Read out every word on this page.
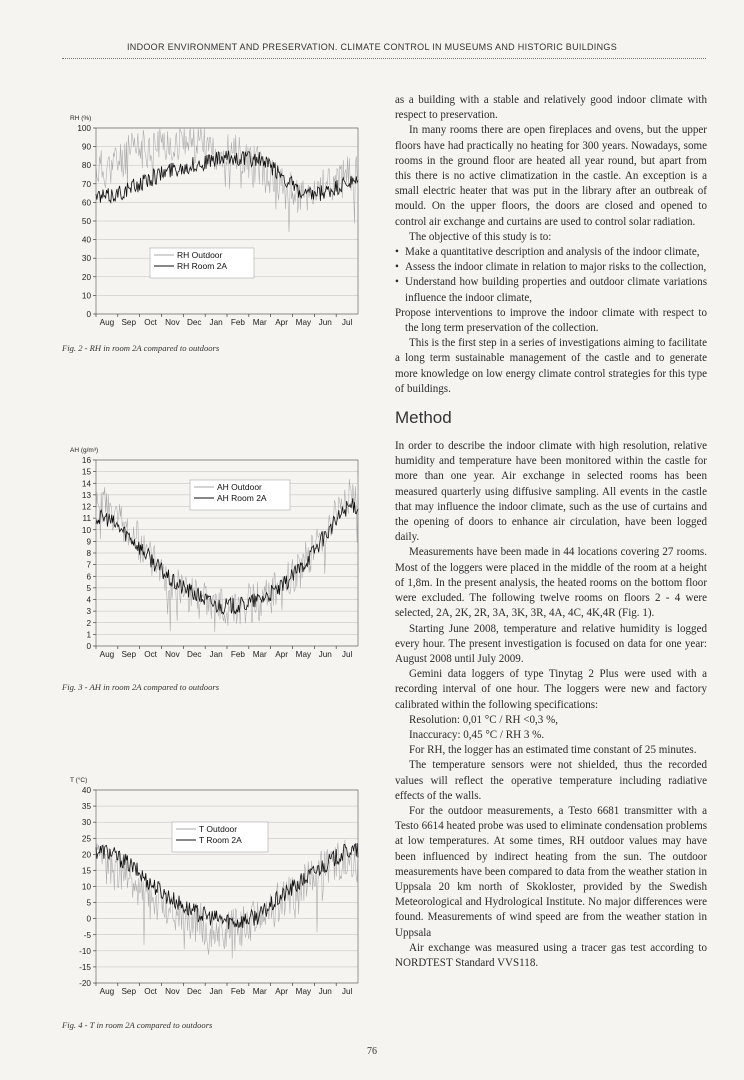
INDOOR ENVIRONMENT AND PRESERVATION. CLIMATE CONTROL IN MUSEUMS AND HISTORIC BUILDINGS
RH (%)
0
10
20
30
40
50
60
70
80
90
100
Aug Sep Oct Nov Dec Jan Feb Mar Apr May Jun Jul
RH Outdoor
RH Room 2A
Fig. 2 - RH in room 2A compared to outdoors
AH (g/m³)
0
1
2
3
4
5
6
7
8
9
10
11
12
13
14
15
16
Aug Sep Oct Nov Dec Jan Feb Mar Apr May Jun Jul
AH Outdoor
AH Room 2A
Fig. 3 - AH in room 2A compared to outdoors
T (°C)
-20
-15
-10
-5
0
5
10
15
20
25
30
35
40
Aug Sep Oct Nov Dec Jan Feb Mar Apr May Jun Jul
T Outdoor
T Room 2A
Fig. 4 - T in room 2A compared to outdoors

as a building with a stable and relatively good indoor climate with respect to preservation.

In many rooms there are open fireplaces and ovens, but the upper floors have had practically no heating for 300 years. Nowadays, some rooms in the ground floor are heated all year round, but apart from this there is no active climatization in the castle. An exception is a small electric heater that was put in the library after an outbreak of mould. On the upper floors, the doors are closed and opened to control air exchange and curtains are used to control solar radiation.

The objective of this study is to:

• Make a quantitative description and analysis of the indoor climate,
• Assess the indoor climate in relation to major risks to the collection,
• Understand how building properties and outdoor climate variations influence the indoor climate,

Propose interventions to improve the indoor climate with respect to the long term preservation of the collection.

This is the first step in a series of investigations aiming to facilitate a long term sustainable management of the castle and to generate more knowledge on low energy climate control strategies for this type of buildings.

Method

In order to describe the indoor climate with high resolution, relative humidity and temperature have been monitored within the castle for more than one year. Air exchange in selected rooms has been measured quarterly using diffusive sampling. All events in the castle that may influence the indoor climate, such as the use of curtains and the opening of doors to enhance air circulation, have been logged daily.

Measurements have been made in 44 locations covering 27 rooms. Most of the loggers were placed in the middle of the room at a height of 1,8m. In the present analysis, the heated rooms on the bottom floor were excluded. The following twelve rooms on floors 2 - 4 were selected, 2A, 2K, 2R, 3A, 3K, 3R, 4A, 4C, 4K,4R (Fig. 1).

Starting June 2008, temperature and relative humidity is logged every hour. The present investigation is focused on data for one year: August 2008 until July 2009.

Gemini data loggers of type Tinytag 2 Plus were used with a recording interval of one hour. The loggers were new and factory calibrated within the following specifications:

Resolution: 0,01 °C / RH <0,3 %,

Inaccuracy: 0,45 °C / RH 3 %.

For RH, the logger has an estimated time constant of 25 minutes.

The temperature sensors were not shielded, thus the recorded values will reflect the operative temperature including radiative effects of the walls.

For the outdoor measurements, a Testo 6681 transmitter with a Testo 6614 heated probe was used to eliminate condensation problems at low temperatures. At some times, RH outdoor values may have been influenced by indirect heating from the sun. The outdoor measurements have been compared to data from the weather station in Uppsala 20 km north of Skokloster, provided by the Swedish Meteorological and Hydrological Institute. No major differences were found. Measurements of wind speed are from the weather station in Uppsala

Air exchange was measured using a tracer gas test according to NORDTEST Standard VVS118.

76
